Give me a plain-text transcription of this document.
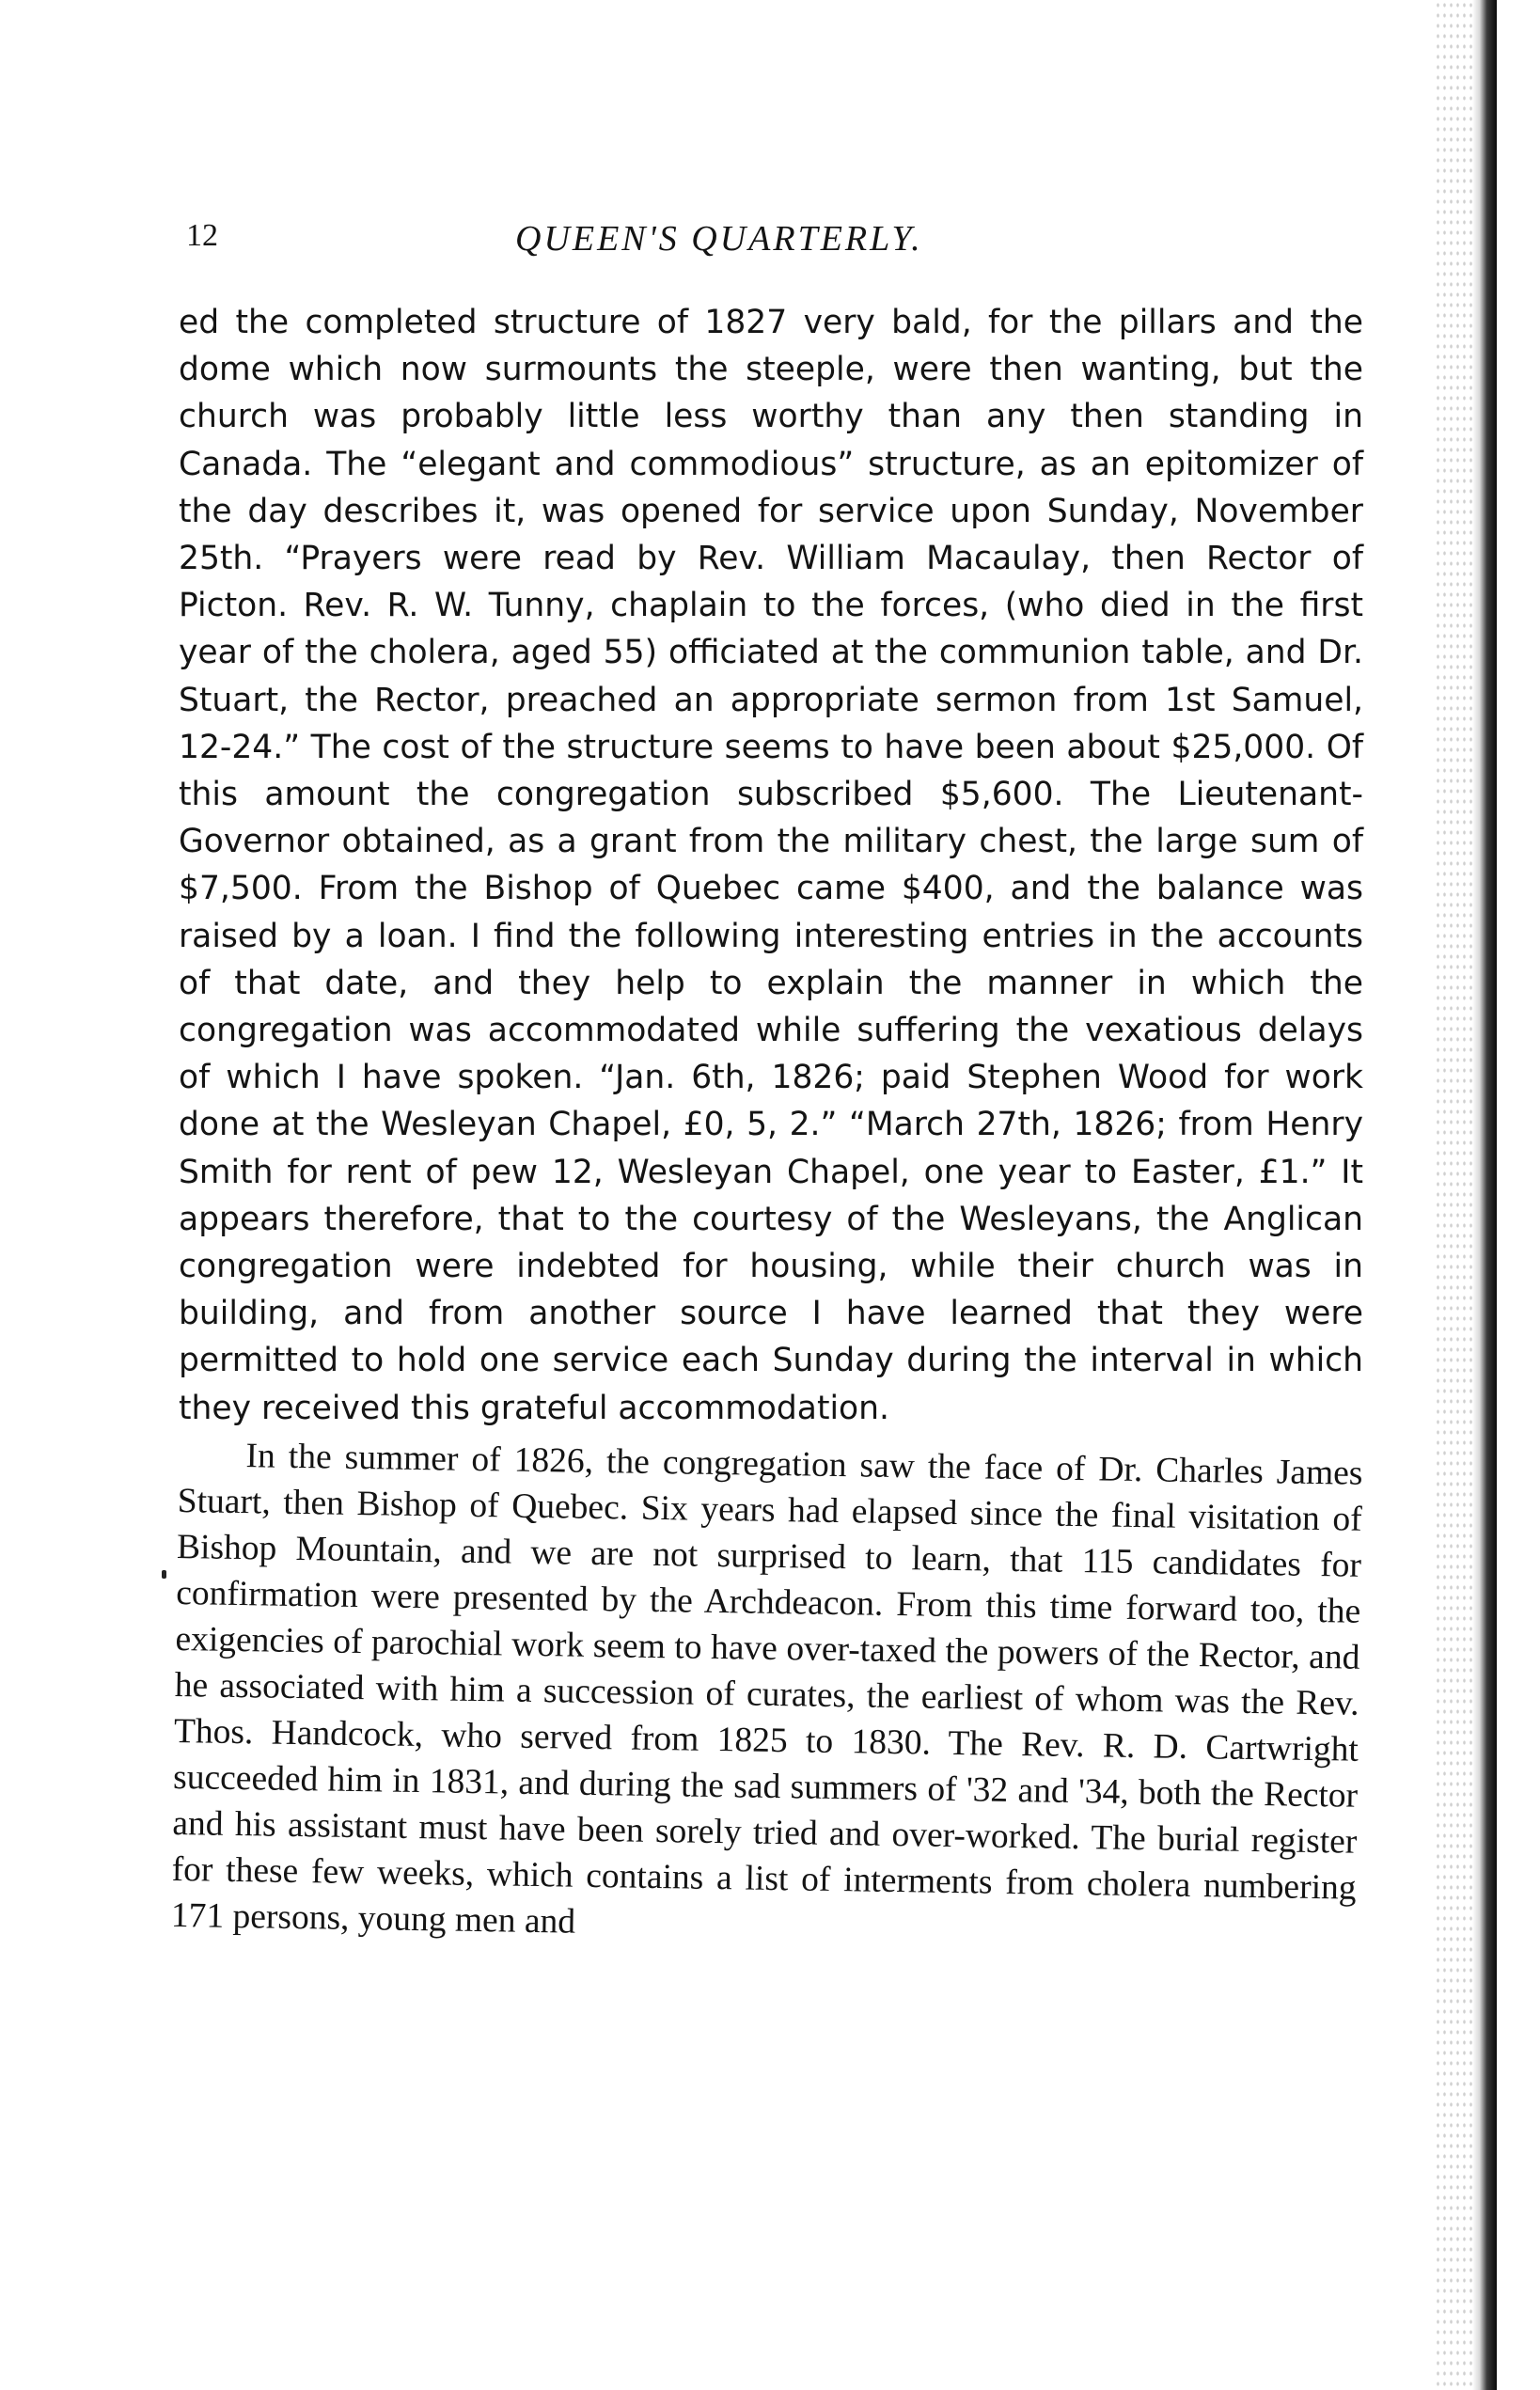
12	QUEEN'S QUARTERLY.

ed the completed structure of 1827 very bald, for the pillars and the dome which now surmounts the steeple, were then wanting, but the church was probably little less worthy than any then standing in Canada. The “elegant and commodious” structure, as an epitomizer of the day describes it, was opened for service upon Sunday, November 25th. “Prayers were read by Rev. William Macaulay, then Rector of Picton. Rev. R. W. Tunny, chaplain to the forces, (who died in the first year of the cholera, aged 55) officiated at the communion table, and Dr. Stuart, the Rector, preached an appropriate sermon from 1st Samuel, 12-24.” The cost of the structure seems to have been about $25,000. Of this amount the congregation subscribed $5,600. The Lieutenant-Governor obtained, as a grant from the military chest, the large sum of $7,500. From the Bishop of Quebec came $400, and the balance was raised by a loan. I find the following interesting entries in the accounts of that date, and they help to explain the manner in which the congregation was accommodated while suffering the vexatious delays of which I have spoken. “Jan. 6th, 1826; paid Stephen Wood for work done at the Wesleyan Chapel, £0, 5, 2.” “March 27th, 1826; from Henry Smith for rent of pew 12, Wesleyan Chapel, one year to Easter, £1.” It appears therefore, that to the courtesy of the Wesleyans, the Anglican congregation were indebted for housing, while their church was in building, and from another source I have learned that they were permitted to hold one service each Sunday during the interval in which they received this grateful accommodation.

In the summer of 1826, the congregation saw the face of Dr. Charles James Stuart, then Bishop of Quebec. Six years had elapsed since the final visitation of Bishop Mountain, and we are not surprised to learn, that 115 candidates for confirmation were presented by the Archdeacon. From this time forward too, the exigencies of parochial work seem to have over-taxed the powers of the Rector, and he associated with him a succession of curates, the earliest of whom was the Rev. Thos. Handcock, who served from 1825 to 1830. The Rev. R. D. Cartwright succeeded him in 1831, and during the sad summers of '32 and '34, both the Rector and his assistant must have been sorely tried and over-worked. The burial register for these few weeks, which contains a list of interments from cholera numbering 171 persons, young men and
